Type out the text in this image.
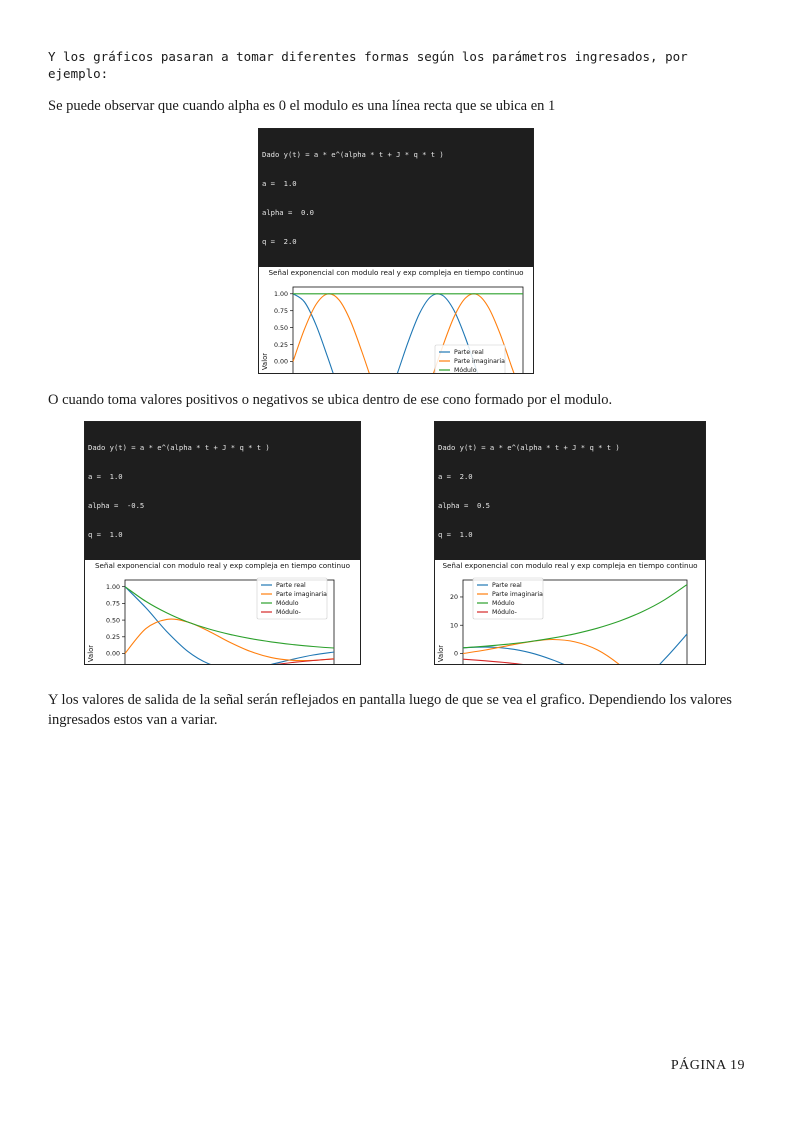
Y los gráficos pasaran a tomar diferentes formas según los parámetros ingresados, por ejemplo:
Se puede observar que cuando alpha es 0 el modulo es una línea recta que se ubica en 1

Dado y(t) = a * e^(alpha * t + J * q * t )

a =  1.0

alpha =  0.0

q =  2.0

Señal exponencial con modulo real y exp compleja en tiempo continuo
1.00
0.75
0.50
0.25
0.00
Valor
Parte real
Parte imaginaria
Módulo
O cuando toma valores positivos o negativos se ubica dentro de ese cono formado por el modulo.

Dado y(t) = a * e^(alpha * t + J * q * t )

a =  1.0

alpha =  -0.5

q =  1.0

Señal exponencial con modulo real y exp compleja en tiempo continuo
1.00
0.75
0.50
0.25
0.00
Valor
Parte real
Parte imaginaria
Módulo
Módulo-

Dado y(t) = a * e^(alpha * t + J * q * t )

a =  2.0

alpha =  0.5

q =  1.0

Señal exponencial con modulo real y exp compleja en tiempo continuo
20
10
0
Valor
Parte real
Parte imaginaria
Módulo
Módulo-
Y los valores de salida de la señal serán reflejados en pantalla luego de que se vea el grafico. Dependiendo los valores ingresados estos van a variar.
PÁGINA 19
